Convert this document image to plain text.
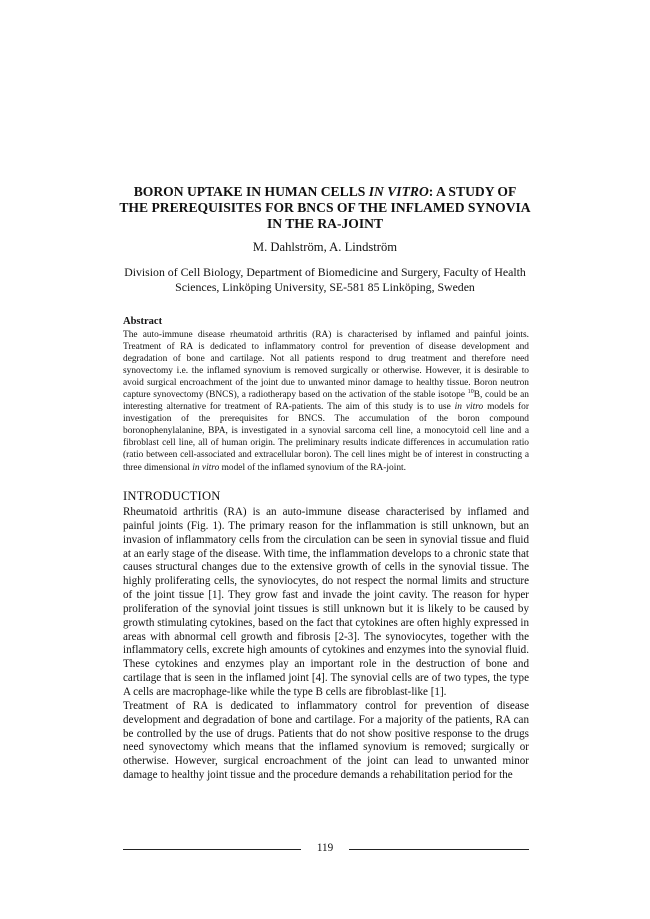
BORON UPTAKE IN HUMAN CELLS IN VITRO: A STUDY OF
THE PREREQUISITES FOR BNCS OF THE INFLAMED SYNOVIA
IN THE RA-JOINT
M. Dahlström, A. Lindström
Division of Cell Biology, Department of Biomedicine and Surgery, Faculty of Health
Sciences, Linköping University, SE-581 85 Linköping, Sweden
Abstract

The auto-immune disease rheumatoid arthritis (RA) is characterised by inflamed and painful joints. Treatment of RA is dedicated to inflammatory control for prevention of disease development and degradation of bone and cartilage. Not all patients respond to drug treatment and therefore need synovectomy i.e. the inflamed synovium is removed surgically or otherwise. However, it is desirable to avoid surgical encroachment of the joint due to unwanted minor damage to healthy tissue. Boron neutron capture synovectomy (BNCS), a radiotherapy based on the activation of the stable isotope $^{10}$B, could be an interesting alternative for treatment of RA-patients. The aim of this study is to use in vitro models for investigation of the prerequisites for BNCS. The accumulation of the boron compound boronophenylalanine, BPA, is investigated in a synovial sarcoma cell line, a monocytoid cell line and a fibroblast cell line, all of human origin. The preliminary results indicate differences in accumulation ratio (ratio between cell-associated and extracellular boron). The cell lines might be of interest in constructing a three dimensional in vitro model of the inflamed synovium of the RA-joint.

INTRODUCTION

Rheumatoid arthritis (RA) is an auto-immune disease characterised by inflamed and painful joints (Fig. 1). The primary reason for the inflammation is still unknown, but an invasion of inflammatory cells from the circulation can be seen in synovial tissue and fluid at an early stage of the disease. With time, the inflammation develops to a chronic state that causes structural changes due to the extensive growth of cells in the synovial tissue. The highly proliferating cells, the synoviocytes, do not respect the normal limits and structure of the joint tissue [1]. They grow fast and invade the joint cavity. The reason for hyper proliferation of the synovial joint tissues is still unknown but it is likely to be caused by growth stimulating cytokines, based on the fact that cytokines are often highly expressed in areas with abnormal cell growth and fibrosis [2-3]. The synoviocytes, together with the inflammatory cells, excrete high amounts of cytokines and enzymes into the synovial fluid. These cytokines and enzymes play an important role in the destruction of bone and cartilage that is seen in the inflamed joint [4]. The synovial cells are of two types, the type A cells are macrophage-like while the type B cells are fibroblast-like [1].

Treatment of RA is dedicated to inflammatory control for prevention of disease development and degradation of bone and cartilage. For a majority of the patients, RA can be controlled by the use of drugs. Patients that do not show positive response to the drugs need synovectomy which means that the inflamed synovium is removed; surgically or otherwise. However, surgical encroachment of the joint can lead to unwanted minor damage to healthy joint tissue and the procedure demands a rehabilitation period for the

119
